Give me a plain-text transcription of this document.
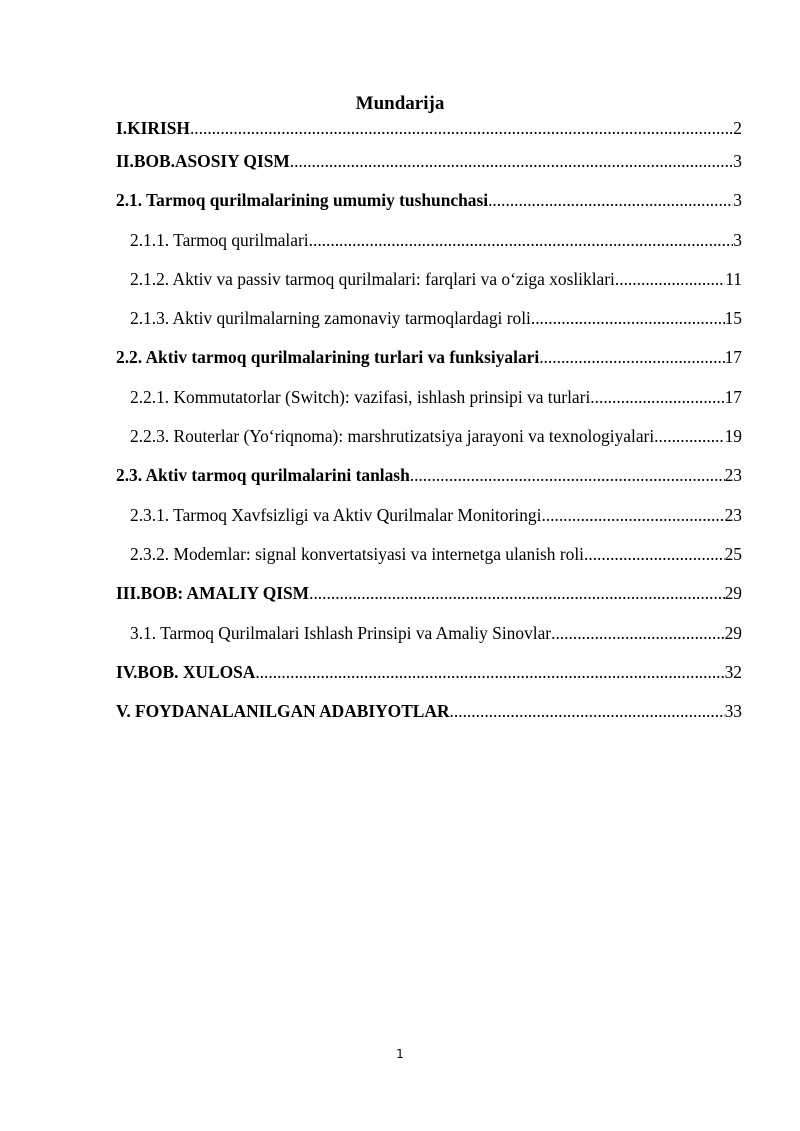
Mundarija
I.KIRISH .....	2
II.BOB.ASOSIY QISM .....	3
2.1. Tarmoq qurilmalarining umumiy tushunchasi .....	3
2.1.1. Tarmoq qurilmalari .....	3
2.1.2. Aktiv va passiv tarmoq qurilmalari: farqlari va o‘ziga xosliklari .....	11
2.1.3. Aktiv qurilmalarning zamonaviy tarmoqlardagi roli .....	15
2.2. Aktiv tarmoq qurilmalarining turlari va funksiyalari .....	17
2.2.1. Kommutatorlar (Switch): vazifasi, ishlash prinsipi va turlari .....	17
2.2.3. Routerlar (Yo‘riqnoma): marshrutizatsiya jarayoni va texnologiyalari .....	19
2.3. Aktiv tarmoq qurilmalarini tanlash .....	23
2.3.1. Tarmoq Xavfsizligi va Aktiv Qurilmalar Monitoringi .....	23
2.3.2. Modemlar: signal konvertatsiyasi va internetga ulanish roli .....	25
III.BOB: AMALIY QISM .....	29
3.1. Tarmoq Qurilmalari Ishlash Prinsipi va Amaliy Sinovlar .....	29
IV.BOB. XULOSA .....	32
V. FOYDANALANILGAN ADABIYOTLAR .....	33
1
